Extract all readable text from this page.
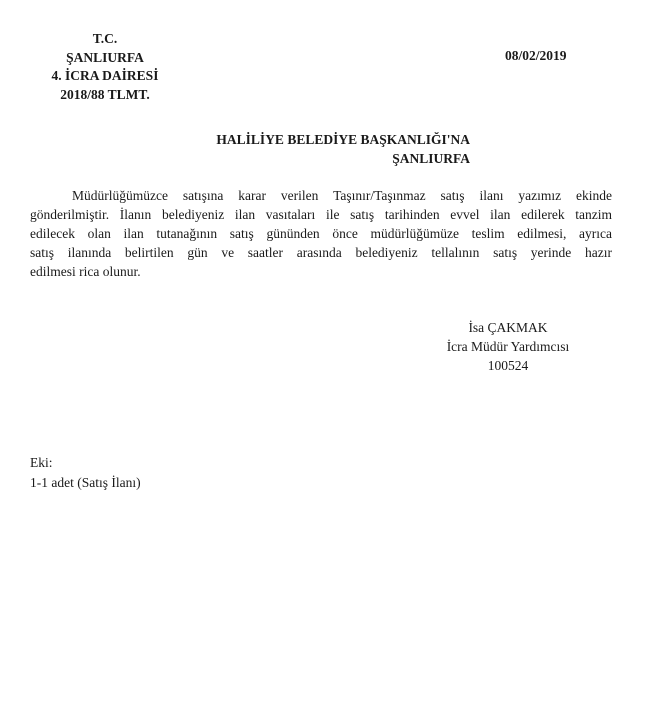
T.C.
ŞANLIURFA
4. İCRA DAİRESİ
2018/88 TLMT.
08/02/2019
HALİLİYE BELEDİYE BAŞKANLIĞI'NA
ŞANLIURFA
Müdürlüğümüzce satışına karar verilen Taşınır/Taşınmaz satış ilanı yazımız ekinde
gönderilmiştir. İlanın belediyeniz ilan vasıtaları ile satış tarihinden evvel ilan edilerek tanzim
edilecek olan ilan tutanağının satış gününden önce müdürlüğümüze teslim edilmesi, ayrıca
satış ilanında belirtilen gün ve saatler arasında belediyeniz tellalının satış yerinde hazır
edilmesi rica olunur.
İsa ÇAKMAK
İcra Müdür Yardımcısı
100524
Eki:
1-1 adet (Satış İlanı)
